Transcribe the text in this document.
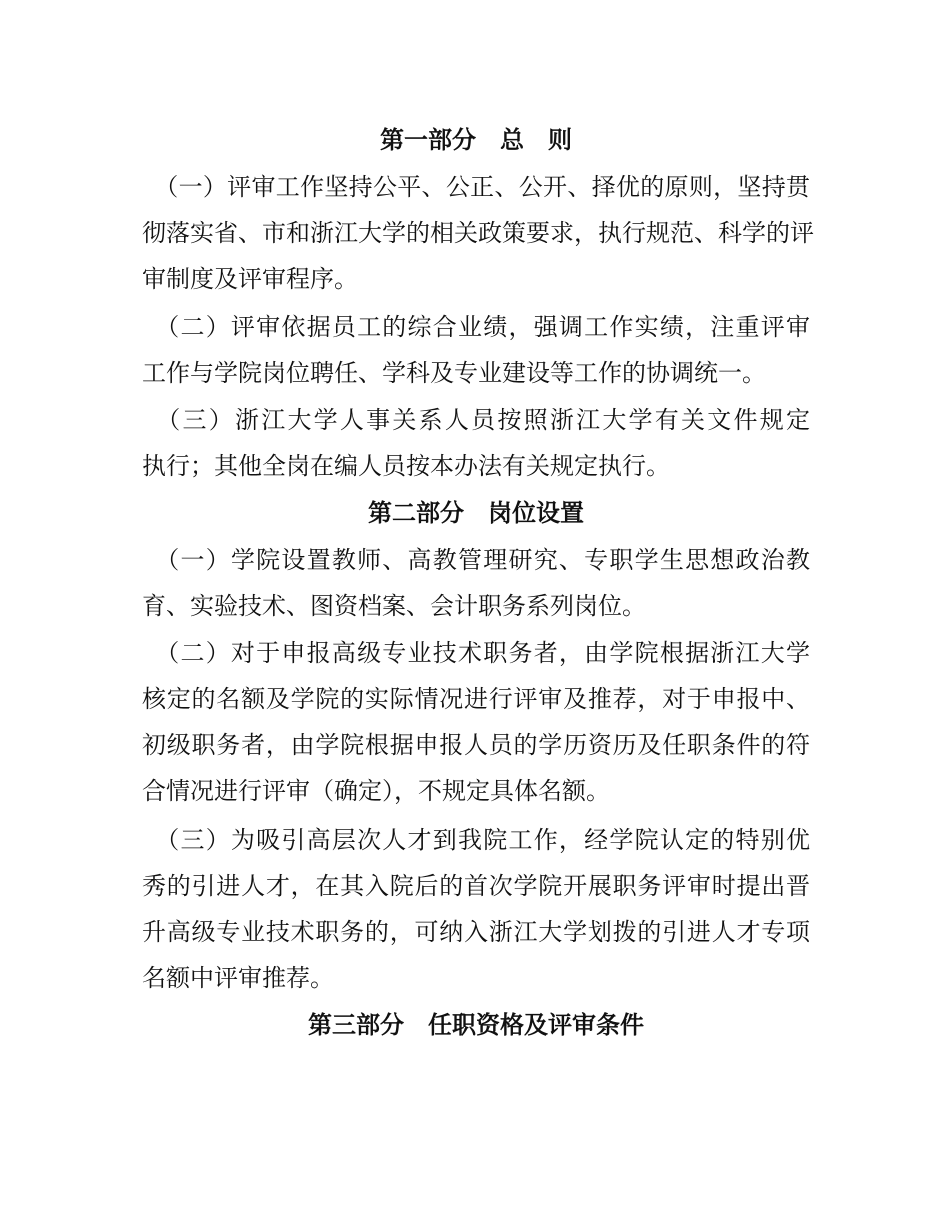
第一部分　总　则
　（一）评审工作坚持公平、公正、公开、择优的原则，坚持贯
彻落实省、市和浙江大学的相关政策要求，执行规范、科学的评
审制度及评审程序。
　（二）评审依据员工的综合业绩，强调工作实绩，注重评审
工作与学院岗位聘任、学科及专业建设等工作的协调统一。
　（三）浙江大学人事关系人员按照浙江大学有关文件规定
执行；其他全岗在编人员按本办法有关规定执行。
第二部分　岗位设置
　（一）学院设置教师、高教管理研究、专职学生思想政治教
育、实验技术、图资档案、会计职务系列岗位。
　（二）对于申报高级专业技术职务者，由学院根据浙江大学
核定的名额及学院的实际情况进行评审及推荐，对于申报中、
初级职务者，由学院根据申报人员的学历资历及任职条件的符
合情况进行评审（确定），不规定具体名额。
　（三）为吸引高层次人才到我院工作，经学院认定的特别优
秀的引进人才，在其入院后的首次学院开展职务评审时提出晋
升高级专业技术职务的，可纳入浙江大学划拨的引进人才专项
名额中评审推荐。
第三部分　任职资格及评审条件
